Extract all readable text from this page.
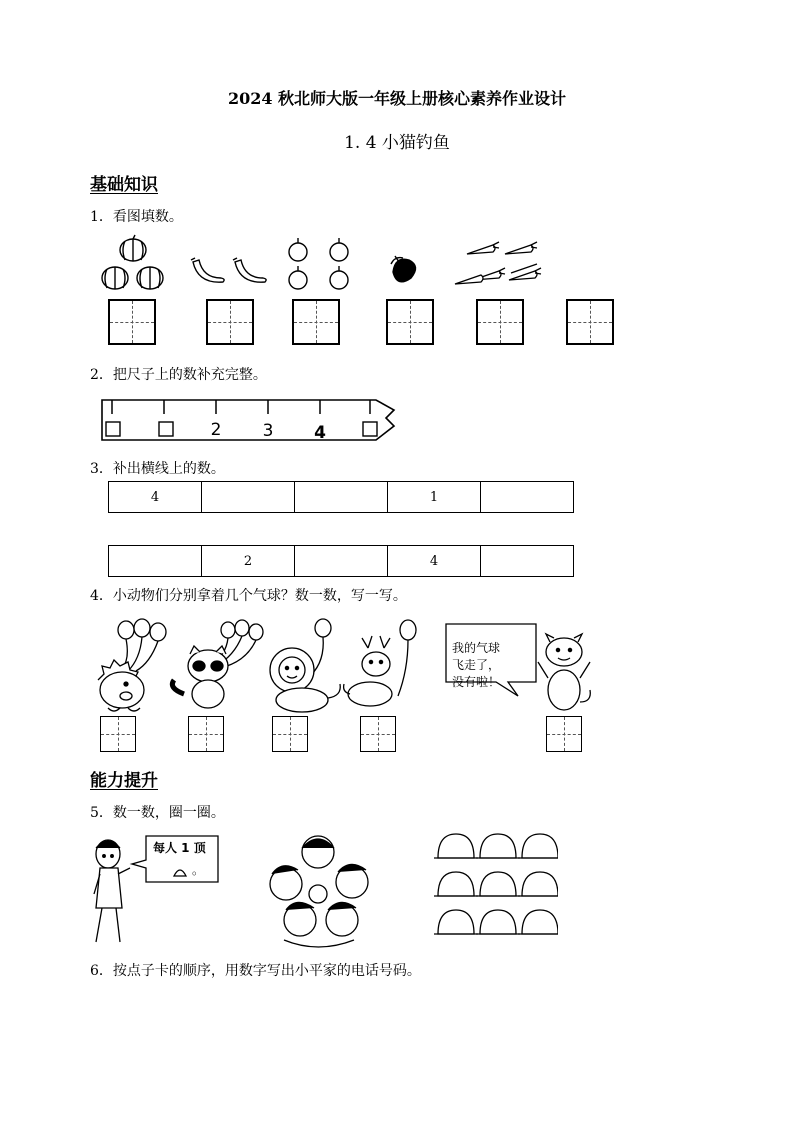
2024 秋北师大版一年级上册核心素养作业设计
1. 4 小猫钓鱼
基础知识
1．看图填数。
2．把尺子上的数补充完整。
2 3 4
3．补出横线上的数。
4			1	
	2		4	
4．小动物们分别拿着几个气球？数一数，写一写。
我的气球
飞走了，
没有啦！
能力提升
5．数一数，圈一圈。
每人 1 顶
。
6．按点子卡的顺序，用数字写出小平家的电话号码。
